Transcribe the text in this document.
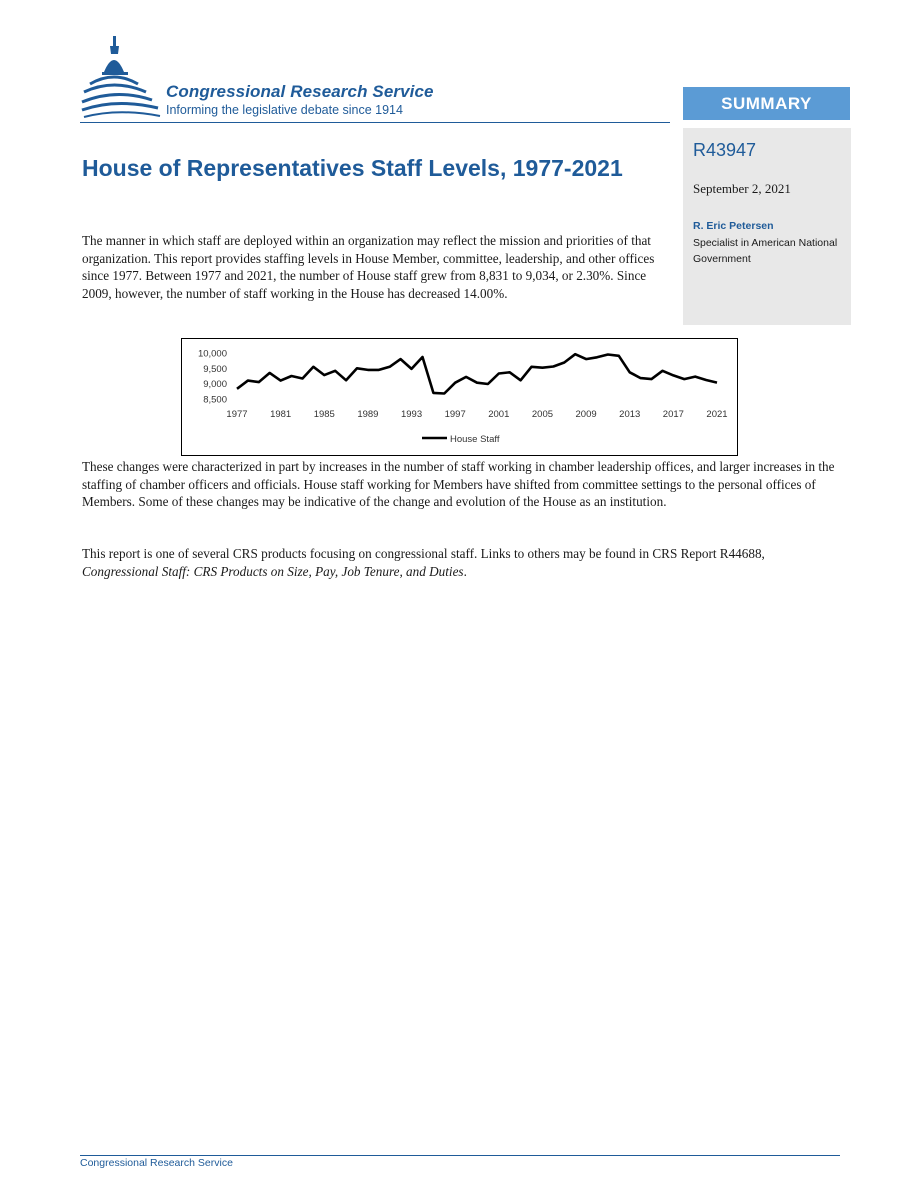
Congressional Research Service
Informing the legislative debate since 1914	SUMMARY
R43947
September 2, 2021
R. Eric Petersen
Specialist in American National Government
House of Representatives Staff Levels, 1977-2021
The manner in which staff are deployed within an organization may reflect the mission and priorities of that organization. This report provides staffing levels in House Member, committee, leadership, and other offices since 1977. Between 1977 and 2021, the number of House staff grew from 8,831 to 9,034, or 2.30%. Since 2009, however, the number of staff working in the House has decreased 14.00%.
10,000
9,500
9,000
8,500
1977 1981 1985 1989 1993 1997 2001 2005 2009 2013 2017 2021
House Staff
These changes were characterized in part by increases in the number of staff working in chamber leadership offices, and larger increases in the staffing of chamber officers and officials. House staff working for Members have shifted from committee settings to the personal offices of Members. Some of these changes may be indicative of the change and evolution of the House as an institution.
This report is one of several CRS products focusing on congressional staff. Links to others may be found in CRS Report R44688,  Congressional Staff: CRS Products on Size, Pay, Job Tenure, and Duties.
Congressional Research Service
